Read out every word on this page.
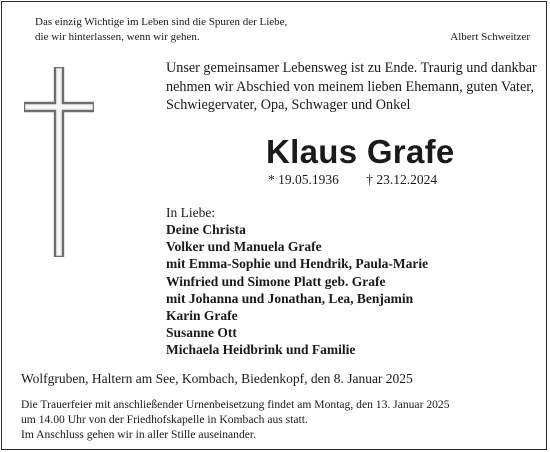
Das einzig Wichtige im Leben sind die Spuren der Liebe,
die wir hinterlassen, wenn wir gehen.	Albert Schweitzer
Unser gemeinsamer Lebensweg ist zu Ende. Traurig und dankbar
nehmen wir Abschied von meinem lieben Ehemann, guten Vater,
Schwiegervater, Opa, Schwager und Onkel
Klaus Grafe
* 19.05.1936 † 23.12.2024
In Liebe:
Deine Christa
Volker und Manuela Grafe
mit Emma-Sophie und Hendrik, Paula-Marie
Winfried und Simone Platt geb. Grafe
mit Johanna und Jonathan, Lea, Benjamin
Karin Grafe
Susanne Ott
Michaela Heidbrink und Familie
Wolfgruben, Haltern am See, Kombach, Biedenkopf, den 8. Januar 2025
Die Trauerfeier mit anschließender Urnenbeisetzung findet am Montag, den 13. Januar 2025
um 14.00 Uhr von der Friedhofskapelle in Kombach aus statt.
Im Anschluss gehen wir in aller Stille auseinander.
